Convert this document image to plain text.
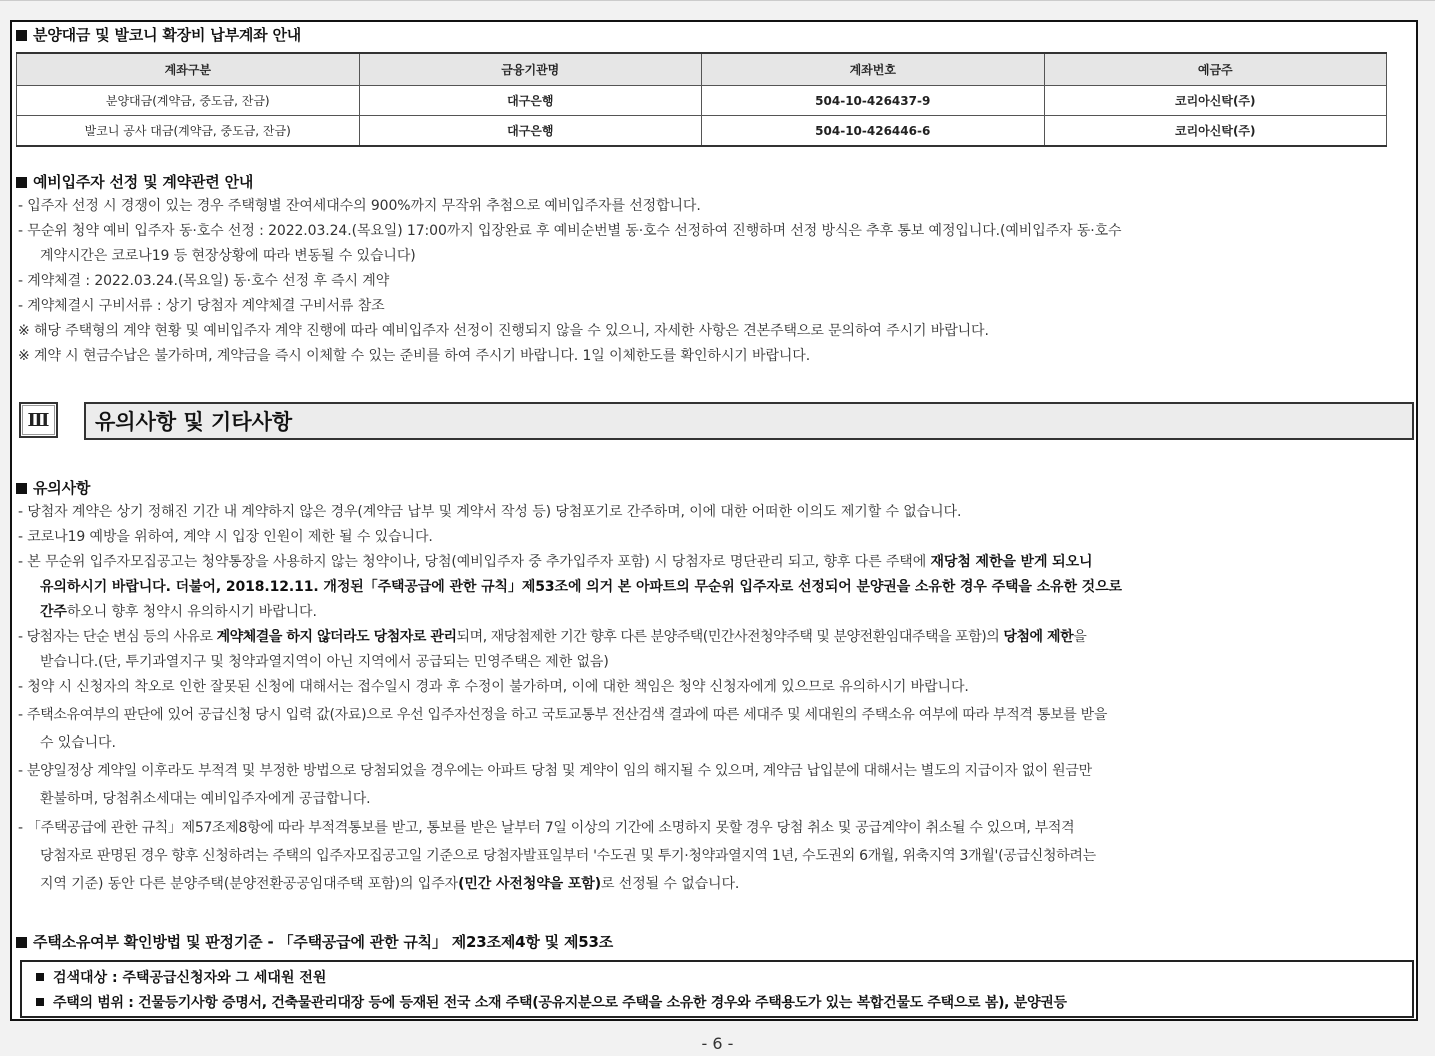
분양대금 및 발코니 확장비 납부계좌 안내
계좌구분	금융기관명	계좌번호	예금주
분양대금(계약금, 중도금, 잔금)	대구은행	504-10-426437-9	코리아신탁(주)
발코니 공사 대금(계약금, 중도금, 잔금)	대구은행	504-10-426446-6	코리아신탁(주)
예비입주자 선정 및 계약관련 안내
- 입주자 선정 시 경쟁이 있는 경우 주택형별 잔여세대수의 900%까지 무작위 추첨으로 예비입주자를 선정합니다.
- 무순위 청약 예비 입주자 동·호수 선정 : 2022.03.24.(목요일) 17:00까지 입장완료 후 예비순번별 동·호수 선정하여 진행하며 선정 방식은 추후 통보 예정입니다.(예비입주자 동·호수
계약시간은 코로나19 등 현장상황에 따라 변동될 수 있습니다)
- 계약체결 : 2022.03.24.(목요일) 동·호수 선정 후 즉시 계약
- 계약체결시 구비서류 : 상기 당첨자 계약체결 구비서류 참조
※ 해당 주택형의 계약 현황 및 예비입주자 계약 진행에 따라 예비입주자 선정이 진행되지 않을 수 있으니, 자세한 사항은 견본주택으로 문의하여 주시기 바랍니다.
※ 계약 시 현금수납은 불가하며, 계약금을 즉시 이체할 수 있는 준비를 하여 주시기 바랍니다. 1일 이체한도를 확인하시기 바랍니다.
Ⅲ	유의사항 및 기타사항
유의사항
- 당첨자 계약은 상기 정해진 기간 내 계약하지 않은 경우(계약금 납부 및 계약서 작성 등) 당첨포기로 간주하며, 이에 대한 어떠한 이의도 제기할 수 없습니다.
- 코로나19 예방을 위하여, 계약 시 입장 인원이 제한 될 수 있습니다.
- 본 무순위 입주자모집공고는 청약통장을 사용하지 않는 청약이나, 당첨(예비입주자 중 추가입주자 포함) 시 당첨자로 명단관리 되고, 향후 다른 주택에 재당첨 제한을 받게 되오니
유의하시기 바랍니다. 더불어, 2018.12.11. 개정된「주택공급에 관한 규칙」제53조에 의거 본 아파트의 무순위 입주자로 선정되어 분양권을 소유한 경우 주택을 소유한 것으로
간주하오니 향후 청약시 유의하시기 바랍니다.
- 당첨자는 단순 변심 등의 사유로 계약체결을 하지 않더라도 당첨자로 관리되며, 재당첨제한 기간 향후 다른 분양주택(민간사전청약주택 및 분양전환임대주택을 포함)의 당첨에 제한을
받습니다.(단, 투기과열지구 및 청약과열지역이 아닌 지역에서 공급되는 민영주택은 제한 없음)
- 청약 시 신청자의 착오로 인한 잘못된 신청에 대해서는 접수일시 경과 후 수정이 불가하며, 이에 대한 책임은 청약 신청자에게 있으므로 유의하시기 바랍니다.
- 주택소유여부의 판단에 있어 공급신청 당시 입력 값(자료)으로 우선 입주자선정을 하고 국토교통부 전산검색 결과에 따른 세대주 및 세대원의 주택소유 여부에 따라 부적격 통보를 받을
수 있습니다.
- 분양일정상 계약일 이후라도 부적격 및 부정한 방법으로 당첨되었을 경우에는 아파트 당첨 및 계약이 임의 해지될 수 있으며, 계약금 납입분에 대해서는 별도의 지급이자 없이 원금만
환불하며, 당첨취소세대는 예비입주자에게 공급합니다.
- 「주택공급에 관한 규칙」제57조제8항에 따라 부적격통보를 받고, 통보를 받은 날부터 7일 이상의 기간에 소명하지 못할 경우 당첨 취소 및 공급계약이 취소될 수 있으며, 부적격
당첨자로 판명된 경우 향후 신청하려는 주택의 입주자모집공고일 기준으로 당첨자발표일부터 '수도권 및 투기·청약과열지역 1년, 수도권외 6개월, 위축지역 3개월'(공급신청하려는
지역 기준) 동안 다른 분양주택(분양전환공공임대주택 포함)의 입주자(민간 사전청약을 포함)로 선정될 수 없습니다.
주택소유여부 확인방법 및 판정기준 - 「주택공급에 관한 규칙」 제23조제4항 및 제53조
검색대상 : 주택공급신청자와 그 세대원 전원
주택의 범위 : 건물등기사항 증명서, 건축물관리대장 등에 등재된 전국 소재 주택(공유지분으로 주택을 소유한 경우와 주택용도가 있는 복합건물도 주택으로 봄), 분양권등
- 6 -
